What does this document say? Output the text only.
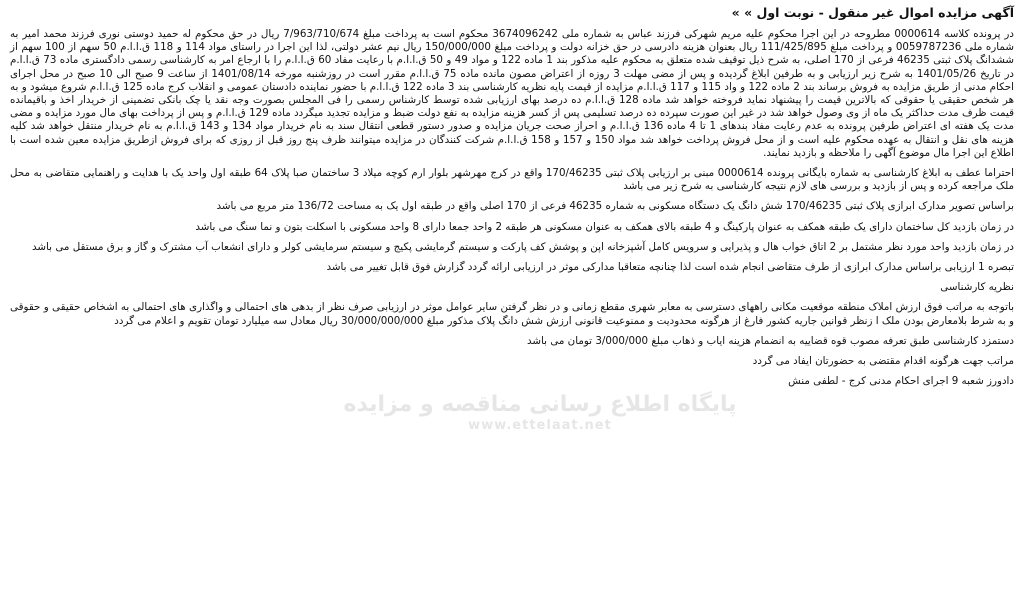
آگهی مزایده اموال غیر منقول - نوبت اول » »
در پرونده کلاسه 0000614 مطروحه در این اجرا محکوم علیه مریم شهرکی فرزند عباس به شماره ملی 3674096242 محکوم است به پرداخت مبلغ 7/963/710/674 ریال در حق محکوم له حمید دوستی نوری فرزند محمد امیر به شماره ملی 0059787236 و پرداخت مبلغ 111/425/895 ریال بعنوان هزینه دادرسی در حق خزانه دولت و پرداخت مبلغ 150/000/000 ریال نیم عشر دولتی، لذا این اجرا در راستای مواد 114 و 118 ق.ا.ا.م 50 سهم از 100 سهم از ششدانگ پلاک ثبتی 46235 فرعی از 170 اصلی، به شرح ذیل توقیف شده متعلق به محکوم علیه مذکور بند 1 ماده 122 و مواد 49 و 50 ق.ا.ا.م با رعایت مفاد 60 ق.ا.ا.م را با ارجاع امر به کارشناسی رسمی دادگستری ماده 73 ق.ا.ا.م در تاریخ 1401/05/26 به شرح زیر ارزیابی و به طرفین ابلاغ گردیده و پس از مضی مهلت 3 روزه از اعتراض مصون مانده ماده 75 ق.ا.ا.م مقرر است در روزشنبه مورخه 1401/08/14 از ساعت 9 صبح الی 10 صبح در محل اجرای احکام مدنی از طریق مزایده به فروش برساند بند 2 ماده 122 و واد 115 و 117 ق.ا.ا.م مزایده از قیمت پایه نظریه کارشناسی بند 3 ماده 122 ق.ا.ا.م با حضور نماینده دادستان عمومی و انقلاب کرج ماده 125 ق.ا.ا.م شروع میشود و به هر شخص حقیقی یا حقوقی که بالاترین قیمت را پیشنهاد نماید فروخته خواهد شد ماده 128 ق.ا.ا.م ده درصد بهای ارزیابی شده توسط کارشناس رسمی را فی المجلس بصورت وجه نقد یا چک بانکی تضمینی از خریدار اخذ و باقیمانده قیمت ظرف مدت حداکثر یک ماه از وی وصول خواهد شد در غیر این صورت سپرده ده درصد تسلیمی پس از کسر هزینه مزایده به نفع دولت ضبط و مزایده تجدید میگردد ماده 129 ق.ا.ا.م و پس از پرداخت بهای مال مورد مزایده و مضی مدت یک هفته ای اعتراض طرفین پرونده به عدم رعایت مفاد بندهای 1 تا 4 ماده 136 ق.ا.ا.م و احراز صحت جریان مزایده و صدور دستور قطعی انتقال سند به نام خریدار مواد 134 و 143 ق.ا.ا.م به نام خریدار منتقل خواهد شد کلیه هزینه های نقل و انتقال به عهده محکوم علیه است و از محل فروش پرداخت خواهد شد مواد 150 و 157 و 158 ق.ا.ا.م شرکت کنندگان در مزایده میتوانند ظرف پنج روز قبل از روزی که برای فروش ازطریق مزایده معین شده است با اطلاع این اجرا مال موضوع آگهی را ملاحظه و بازدید نمایند.
احتراما عطف به ابلاغ کارشناسی به شماره بایگانی پرونده 0000614 مبنی بر ارزیابی پلاک ثبتی 170/46235 واقع در کرج مهرشهر بلوار ارم کوچه میلاد 3 ساختمان صبا پلاک 64 طبقه اول واحد یک با هدایت و راهنمایی متقاضی به محل ملک مراجعه کرده و پس از بازدید و بررسی های لازم نتیجه کارشناسی به شرح زیر می باشد
براساس تصویر مدارک ابرازی پلاک ثبتی 170/46235 شش دانگ یک دستگاه مسکونی به شماره 46235 فرعی از 170 اصلی واقع در طبقه اول یک به مساحت 136/72 متر مربع می باشد
در زمان بازدید کل ساختمان دارای یک طبقه همکف به عنوان پارکینگ و 4 طبقه بالای همکف به عنوان مسکونی هر طبقه 2 واحد جمعا دارای 8 واحد مسکونی با اسکلت بتون و نما سنگ می باشد
در زمان بازدید واحد مورد نظر مشتمل بر 2 اتاق خواب هال و پذیرایی و سرویس کامل آشپزخانه اپن و پوشش کف پارکت و سیستم گرمایشی پکیج و سیستم سرمایشی کولر و دارای انشعاب آب مشترک و گاز و برق مستقل می باشد
تبصره 1 ارزیابی براساس مدارک ابرازی از طرف متقاضی انجام شده است لذا چنانچه متعاقبا مدارکی موثر در ارزیابی ارائه گردد گزارش فوق قابل تغییر می باشد
نظریه کارشناسی
باتوجه به مراتب فوق ارزش املاک منطقه موقعیت مکانی راههای دسترسی به معابر شهری مقطع زمانی و در نظر گرفتن سایر عوامل موثر در ارزیابی صرف نظر از بدهی های احتمالی و واگذاری های احتمالی به اشخاص حقیقی و حقوقی و به شرط بلامعارض بودن ملک ا زنظر قوانین جاریه کشور فارغ از هرگونه محدودیت و ممنوعیت قانونی ارزش شش دانگ پلاک مذکور مبلغ 30/000/000/000 ریال معادل سه میلیارد تومان تقویم و اعلام می گردد
دستمزد کارشناسی طبق تعرفه مصوب قوه قضاییه به انضمام هزینه ایاب و ذهاب مبلغ 3/000/000 تومان می باشد
مراتب جهت هرگونه اقدام مقتضی به حضورتان ایفاد می گردد
دادورز شعبه 9 اجرای احکام مدنی کرج - لطفی منش
پایگاه اطلاع رسانی مناقصه و مزایده
www.ettelaat.net
